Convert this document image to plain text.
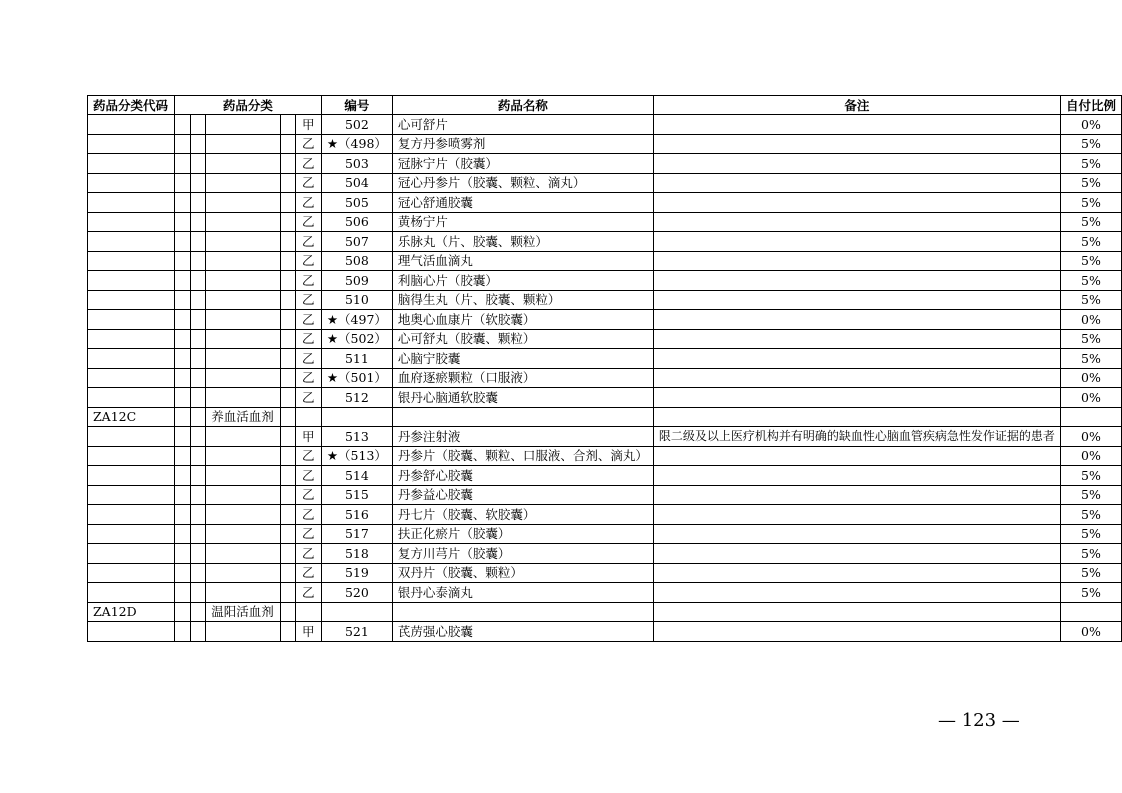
药品分类代码	药品分类					编号	药品名称	备注	自付比例
					甲	502	心可舒片		0%
					乙	★（498）	复方丹参喷雾剂		5%
					乙	503	冠脉宁片（胶囊）		5%
					乙	504	冠心丹参片（胶囊、颗粒、滴丸）		5%
					乙	505	冠心舒通胶囊		5%
					乙	506	黄杨宁片		5%
					乙	507	乐脉丸（片、胶囊、颗粒）		5%
					乙	508	理气活血滴丸		5%
					乙	509	利脑心片（胶囊）		5%
					乙	510	脑得生丸（片、胶囊、颗粒）		5%
					乙	★（497）	地奥心血康片（软胶囊）		0%
					乙	★（502）	心可舒丸（胶囊、颗粒）		5%
					乙	511	心脑宁胶囊		5%
					乙	★（501）	血府逐瘀颗粒（口服液）		0%
					乙	512	银丹心脑通软胶囊		0%
ZA12C			养血活血剂						
					甲	513	丹参注射液	限二级及以上医疗机构并有明确的缺血性心脑血管疾病急性发作证据的患者	0%
					乙	★（513）	丹参片（胶囊、颗粒、口服液、合剂、滴丸）		0%
					乙	514	丹参舒心胶囊		5%
					乙	515	丹参益心胶囊		5%
					乙	516	丹七片（胶囊、软胶囊）		5%
					乙	517	扶正化瘀片（胶囊）		5%
					乙	518	复方川芎片（胶囊）		5%
					乙	519	双丹片（胶囊、颗粒）		5%
					乙	520	银丹心泰滴丸		5%
ZA12D			温阳活血剂						
					甲	521	芪苈强心胶囊		0%
— 123 —
